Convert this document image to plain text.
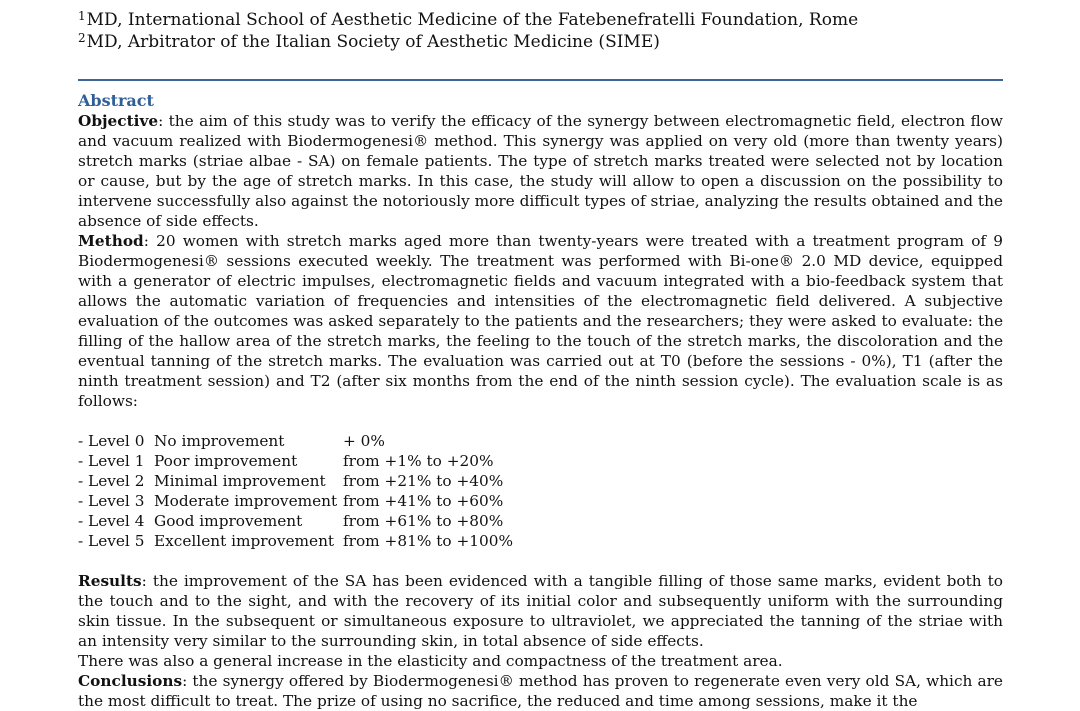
$^1$MD, International School of Aesthetic Medicine of the Fatebenefratelli Foundation, Rome
$^2$MD, Arbitrator of the Italian Society of Aesthetic Medicine (SIME)
Abstract

Objective: the aim of this study was to verify the efficacy of the synergy between electromagnetic field, electron flow and vacuum realized with Biodermogenesi® method. This synergy was applied on very old (more than twenty years) stretch marks (striae albae - SA) on female patients. The type of stretch marks treated were selected not by location or cause, but by the age of stretch marks. In this case, the study will allow to open a discussion on the possibility to intervene successfully also against the notoriously more difficult types of striae, analyzing the results obtained and the absence of side effects.

Method: 20 women with stretch marks aged more than twenty-years were treated with a treatment program of 9 Biodermogenesi® sessions executed weekly. The treatment was performed with Bi-one® 2.0 MD device, equipped with a generator of electric impulses, electromagnetic fields and vacuum integrated with a bio-feedback system that allows the automatic variation of frequencies and intensities of the electromagnetic field delivered. A subjective evaluation of the outcomes was asked separately to the patients and the researchers; they were asked to evaluate: the filling of the hallow area of the stretch marks, the feeling to the touch of the stretch marks, the discoloration and the eventual tanning of the stretch marks. The evaluation was carried out at T0 (before the sessions - 0%), T1 (after the ninth treatment session) and T2 (after six months from the end of the ninth session cycle). The evaluation scale is as follows:

- Level 0	No improvement	+ 0%
- Level 1	Poor improvement	from +1% to +20%
- Level 2	Minimal improvement	from +21% to +40%
- Level 3	Moderate improvement	from +41% to +60%
- Level 4	Good improvement	from +61% to +80%
- Level 5	Excellent improvement	from +81% to +100%

Results: the improvement of the SA has been evidenced with a tangible filling of those same marks, evident both to the touch and to the sight, and with the recovery of its initial color and subsequently uniform with the surrounding skin tissue. In the subsequent or simultaneous exposure to ultraviolet, we appreciated the tanning of the striae with an intensity very similar to the surrounding skin, in total absence of side effects.

There was also a general increase in the elasticity and compactness of the treatment area.

Conclusions: the synergy offered by Biodermogenesi® method has proven to regenerate even very old SA, which are the most difficult to treat. The prize of using no sacrifice, the reduced and time among sessions, make it the
